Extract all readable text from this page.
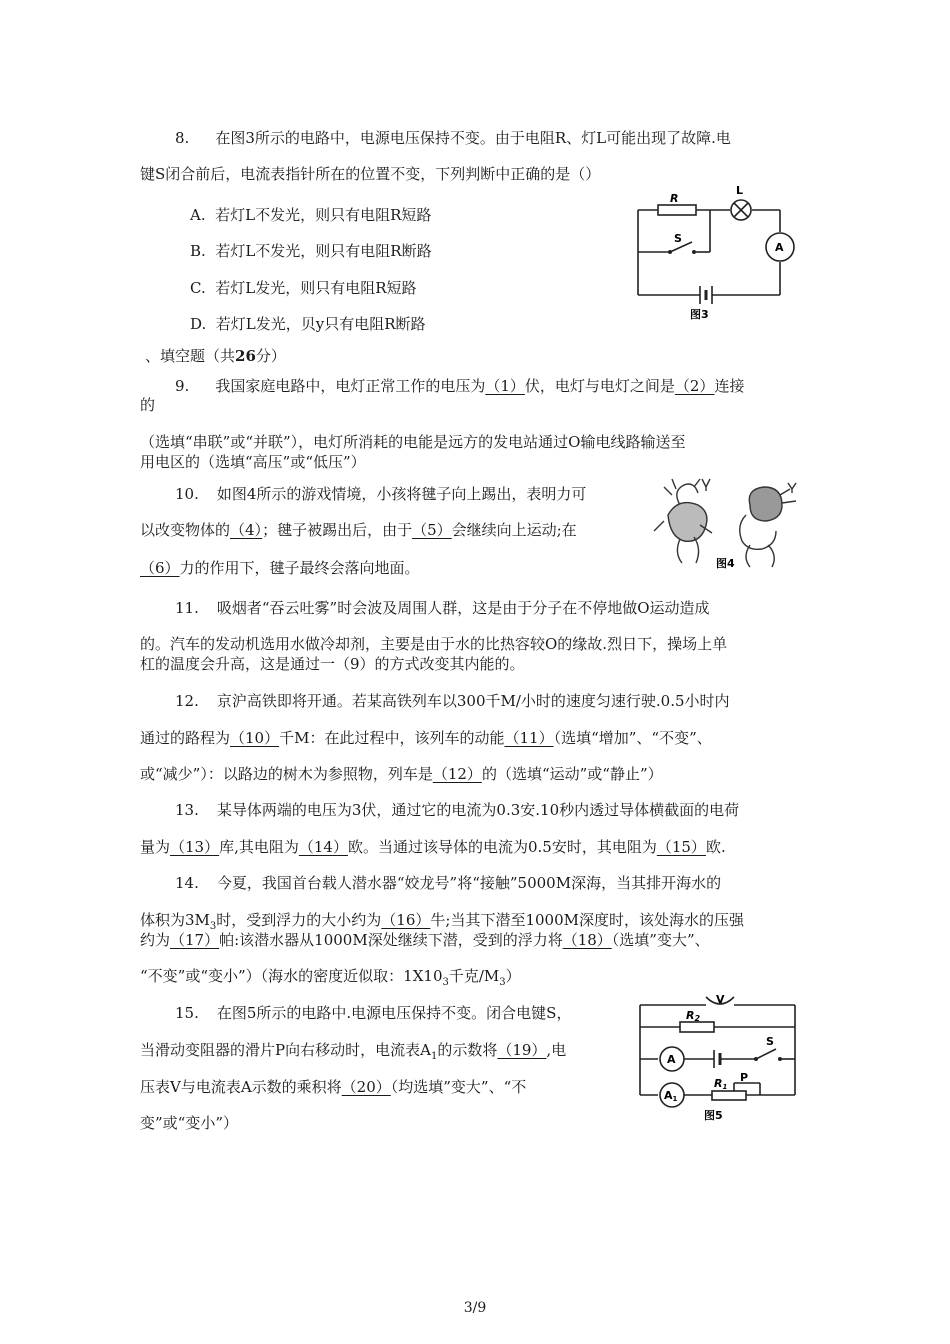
8. 在图3所示的电路中，电源电压保持不变。由于电阻R、灯L可能出现了故障.电
键S闭合前后，电流表指针所在的位置不变，下列判断中正确的是（）
A.  若灯L不发光，则只有电阻R短路
B.  若灯L不发光，则只有电阻R断路
C.  若灯L发光，则只有电阻R短路
D.  若灯L发光，贝y只有电阻R断路
R
L
S
A
图3
、填空题（共26分）
9. 我国家庭电路中，电灯正常工作的电压为（1）伏，电灯与电灯之间是（2）连接
的
（选填“串联”或“并联”），电灯所消耗的电能是远方的发电站通过O输电线路输送至
用电区的（选填“高压”或“低压”）
10. 如图4所示的游戏情境，小孩将毽子向上踢出，表明力可
以改变物体的（4）；毽子被踢出后，由于（5）会继续向上运动;在
（6）力的作用下，毽子最终会落向地面。	图4
11. 吸烟者“吞云吐雾”时会波及周围人群，这是由于分子在不停地做O运动造成
的。汽车的发动机选用水做冷却剂，主要是由于水的比热容较O的缘故.烈日下，操场上单
杠的温度会升高，这是通过一（9）的方式改变其内能的。
12. 京沪高铁即将开通。若某高铁列车以300千M/小时的速度匀速行驶.0.5小时内
通过的路程为（10）千M：在此过程中，该列车的动能（11）（选填“增加”、“不变”、
或“减少”）：以路边的树木为参照物，列车是（12）的（选填“运动”或“静止”）
13. 某导体两端的电压为3伏，通过它的电流为0.3安.10秒内透过导体横截面的电荷
量为（13）库,其电阻为（14）欧。当通过该导体的电流为0.5安时，其电阻为（15）欧.
14. 今夏，我国首台载人潜水器“姣龙号”将“接触”5000M深海，当其排开海水的
体积为$3M_3$时，受到浮力的大小约为（16）牛;当其下潜至1000M深度时，该处海水的压强
约为（17）帕:该潜水器从1000M深处继续下潜，受到的浮力将（18）（选填”变大”、
“不变”或“变小”）（海水的密度近似取：$1X10_3$千克$/M_3$）
15. 在图5所示的电路中.电源电压保持不变。闭合电键S，
当滑动变阻器的滑片P向右移动时，电流表$A_1$的示数将（19）,电
压表V与电流表A示数的乘积将（20）（均选填”变大”、“不
变”或“变小”）
V
R2
S
A
A1
R1
P
图5
3/9
